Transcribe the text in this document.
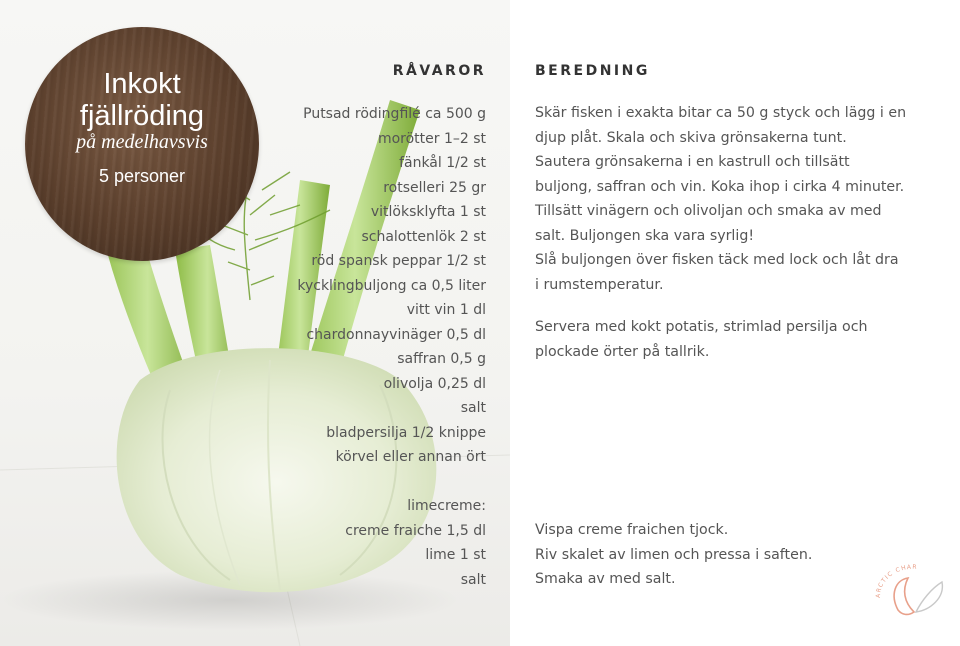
Inkokt
fjällröding
på medelhavsvis
5 personer
RÅVAROR
Putsad rödingfilé ca 500 g
morötter 1–2 st
fänkål 1/2 st
rotselleri 25 gr
vitlöksklyfta 1 st
schalottenlök 2 st
röd spansk peppar 1/2 st
kycklingbuljong ca 0,5 liter
vitt vin 1 dl
chardonnayvinäger 0,5 dl
saffran 0,5 g
olivolja 0,25 dl
salt
bladpersilja 1/2 knippe
körvel eller annan ört
limecreme:
creme fraiche 1,5 dl
lime 1 st
salt
BEREDNING

Skär fisken i exakta bitar ca 50 g styck och lägg i en
djup plåt. Skala och skiva grönsakerna tunt.
Sautera grönsakerna i en kastrull och tillsätt
buljong, saffran och vin. Koka ihop i cirka 4 minuter.
Tillsätt vinägern och olivoljan och smaka av med
salt. Buljongen ska vara syrlig!
Slå buljongen över fisken täck med lock och låt dra
i rumstemperatur.

Servera med kokt potatis, strimlad persilja och
plockade örter på tallrik.

Vispa creme fraichen tjock.
Riv skalet av limen och pressa i saften.
Smaka av med salt.

ARCTIC CHAR
